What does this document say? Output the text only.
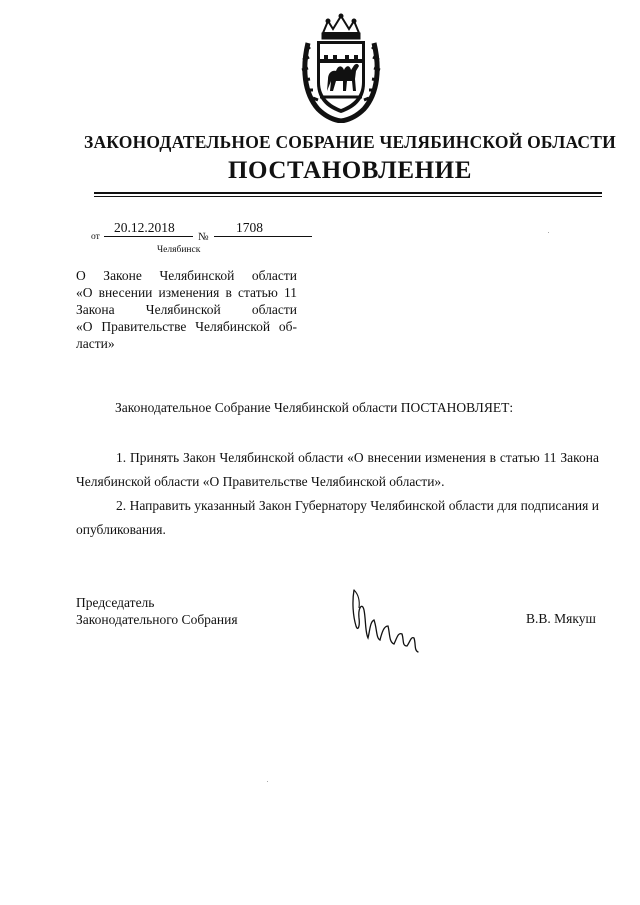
ЗАКОНОДАТЕЛЬНОЕ СОБРАНИЕ ЧЕЛЯБИНСКОЙ ОБЛАСТИ
ПОСТАНОВЛЕНИЕ
от
20.12.2018
№
1708
Челябинск
О Законе Челябинской области
«О внесении изменения в статью 11
Закона Челябинской области
«О Правительстве Челябинской об-
ласти»
Законодательное Собрание Челябинской области ПОСТАНОВЛЯЕТ:

1. Принять Закон Челябинской области «О внесении изменения в статью 11 Закона Челябинской области «О Правительстве Челябинской области».

2. Направить указанный Закон Губернатору Челябинской области для подписания и опубликования.

Председатель
Законодательного Собрания	В.В. Мякуш
